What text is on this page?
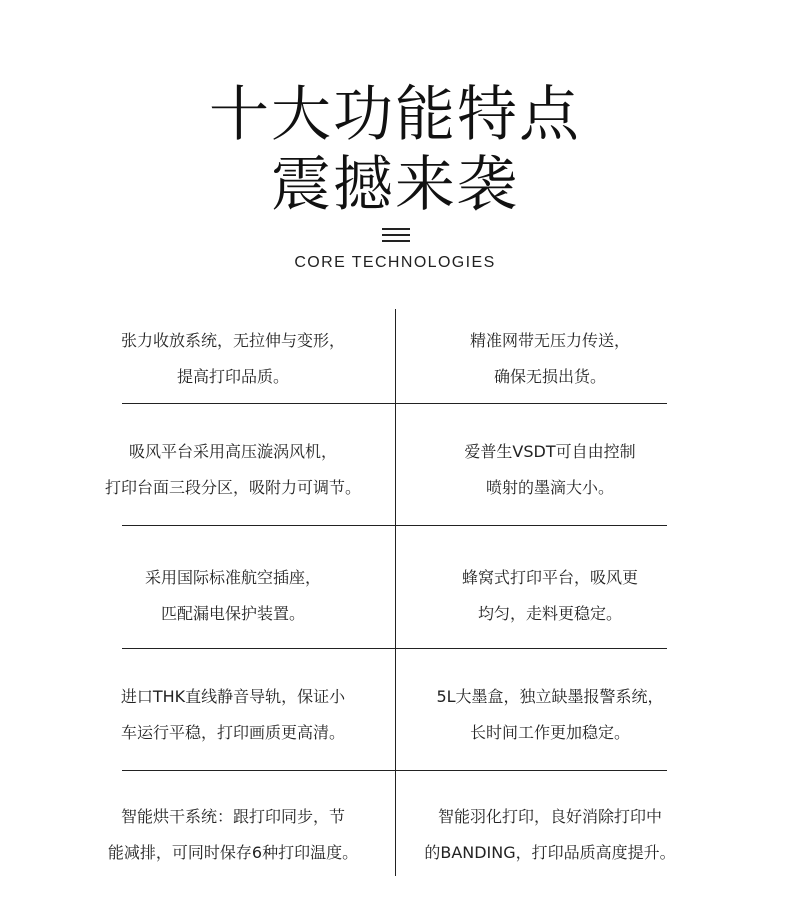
十大功能特点
震撼来袭
CORE TECHNOLOGIES
张力收放系统，无拉伸与变形，
提高打印品质。
精准网带无压力传送，
确保无损出货。
吸风平台采用高压漩涡风机，
打印台面三段分区，吸附力可调节。
爱普生VSDT可自由控制
喷射的墨滴大小。
采用国际标准航空插座，
匹配漏电保护装置。
蜂窝式打印平台，吸风更
均匀，走料更稳定。
进口THK直线静音导轨，保证小
车运行平稳，打印画质更高清。
5L大墨盒，独立缺墨报警系统，
长时间工作更加稳定。
智能烘干系统：跟打印同步，节
能减排，可同时保存6种打印温度。
智能羽化打印，良好消除打印中
的BANDING，打印品质高度提升。
